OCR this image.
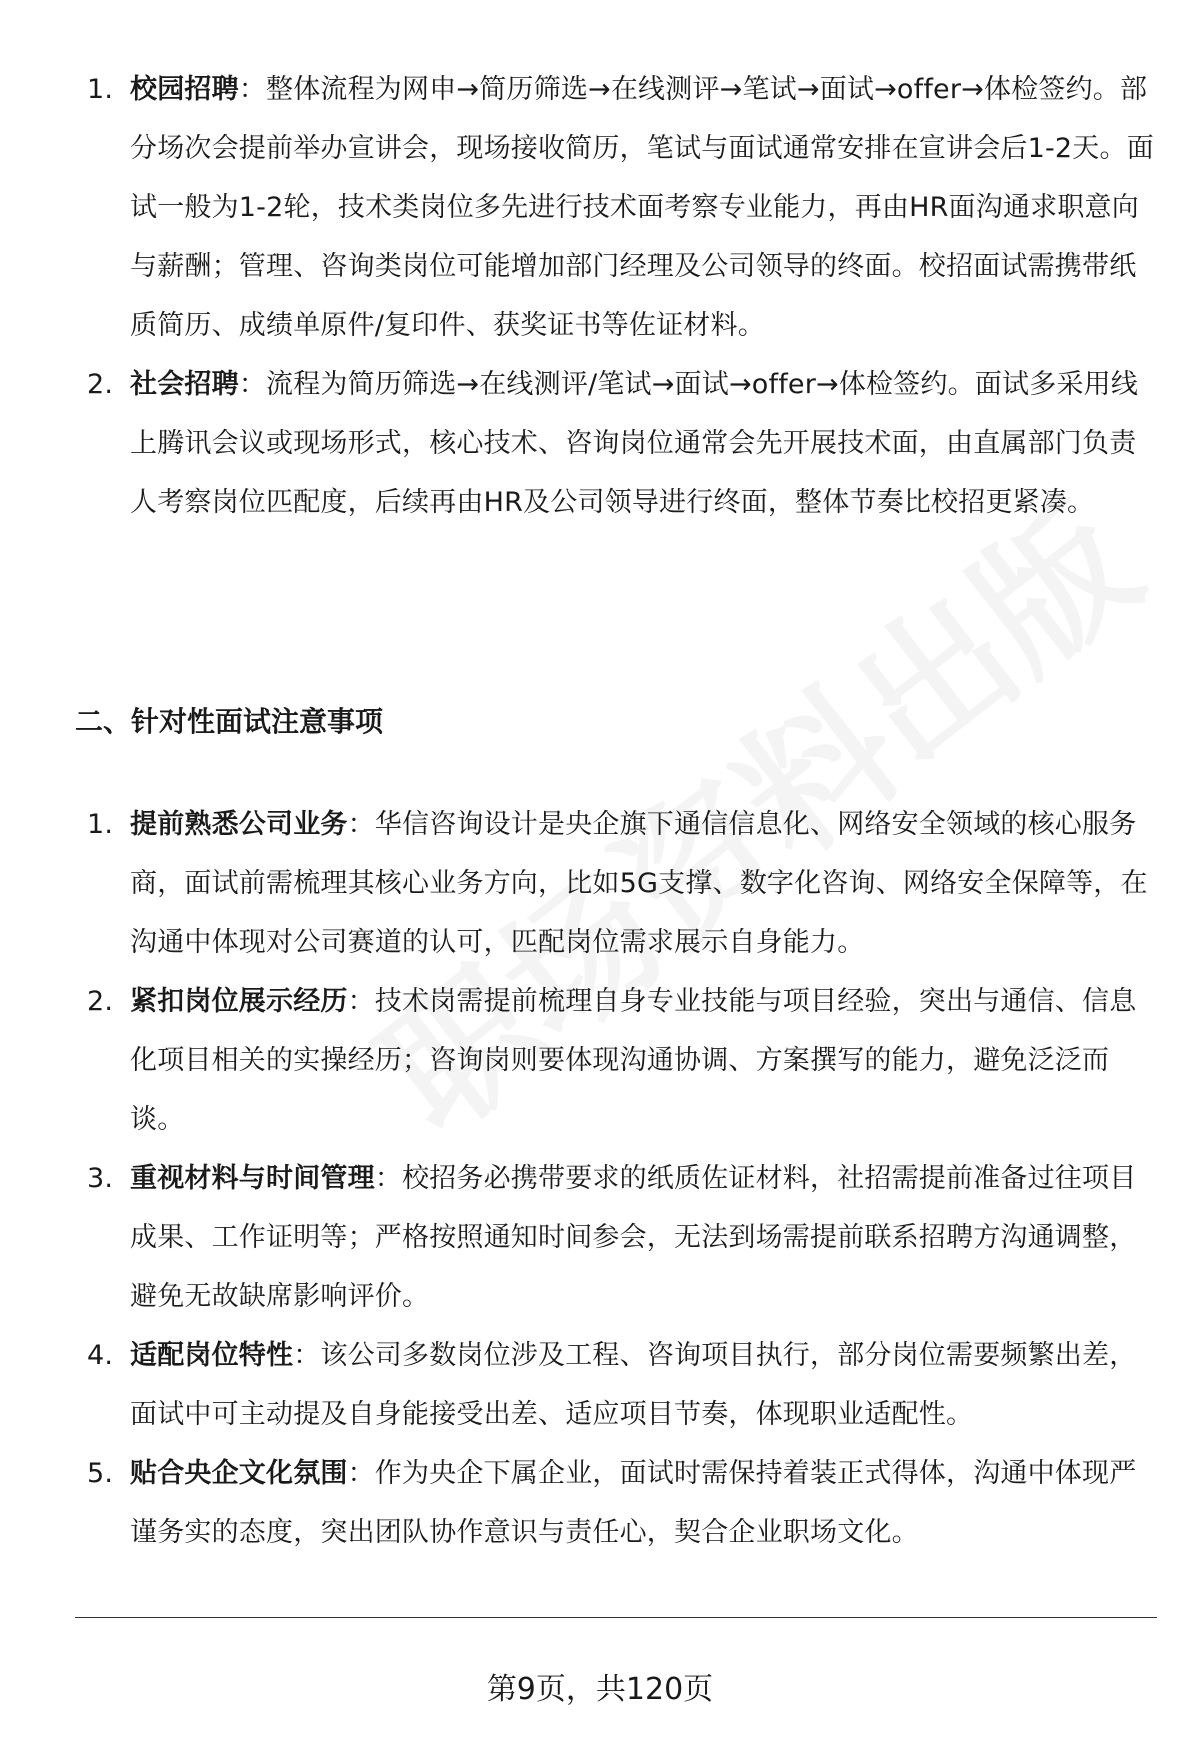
1. 校园招聘：整体流程为网申→简历筛选→在线测评→笔试→面试→offer→体检签约。部分场次会提前举办宣讲会，现场接收简历，笔试与面试通常安排在宣讲会后1-2天。面试一般为1-2轮，技术类岗位多先进行技术面考察专业能力，再由HR面沟通求职意向与薪酬；管理、咨询类岗位可能增加部门经理及公司领导的终面。校招面试需携带纸质简历、成绩单原件/复印件、获奖证书等佐证材料。
2. 社会招聘：流程为简历筛选→在线测评/笔试→面试→offer→体检签约。面试多采用线上腾讯会议或现场形式，核心技术、咨询岗位通常会先开展技术面，由直属部门负责人考察岗位匹配度，后续再由HR及公司领导进行终面，整体节奏比校招更紧凑。
二、针对性面试注意事项
1. 提前熟悉公司业务：华信咨询设计是央企旗下通信信息化、网络安全领域的核心服务商，面试前需梳理其核心业务方向，比如5G支撑、数字化咨询、网络安全保障等，在沟通中体现对公司赛道的认可，匹配岗位需求展示自身能力。
2. 紧扣岗位展示经历：技术岗需提前梳理自身专业技能与项目经验，突出与通信、信息化项目相关的实操经历；咨询岗则要体现沟通协调、方案撰写的能力，避免泛泛而谈。
3. 重视材料与时间管理：校招务必携带要求的纸质佐证材料，社招需提前准备过往项目成果、工作证明等；严格按照通知时间参会，无法到场需提前联系招聘方沟通调整，避免无故缺席影响评价。
4. 适配岗位特性：该公司多数岗位涉及工程、咨询项目执行，部分岗位需要频繁出差，面试中可主动提及自身能接受出差、适应项目节奏，体现职业适配性。
5. 贴合央企文化氛围：作为央企下属企业，面试时需保持着装正式得体，沟通中体现严谨务实的态度，突出团队协作意识与责任心，契合企业职场文化。
第9页，共120页
